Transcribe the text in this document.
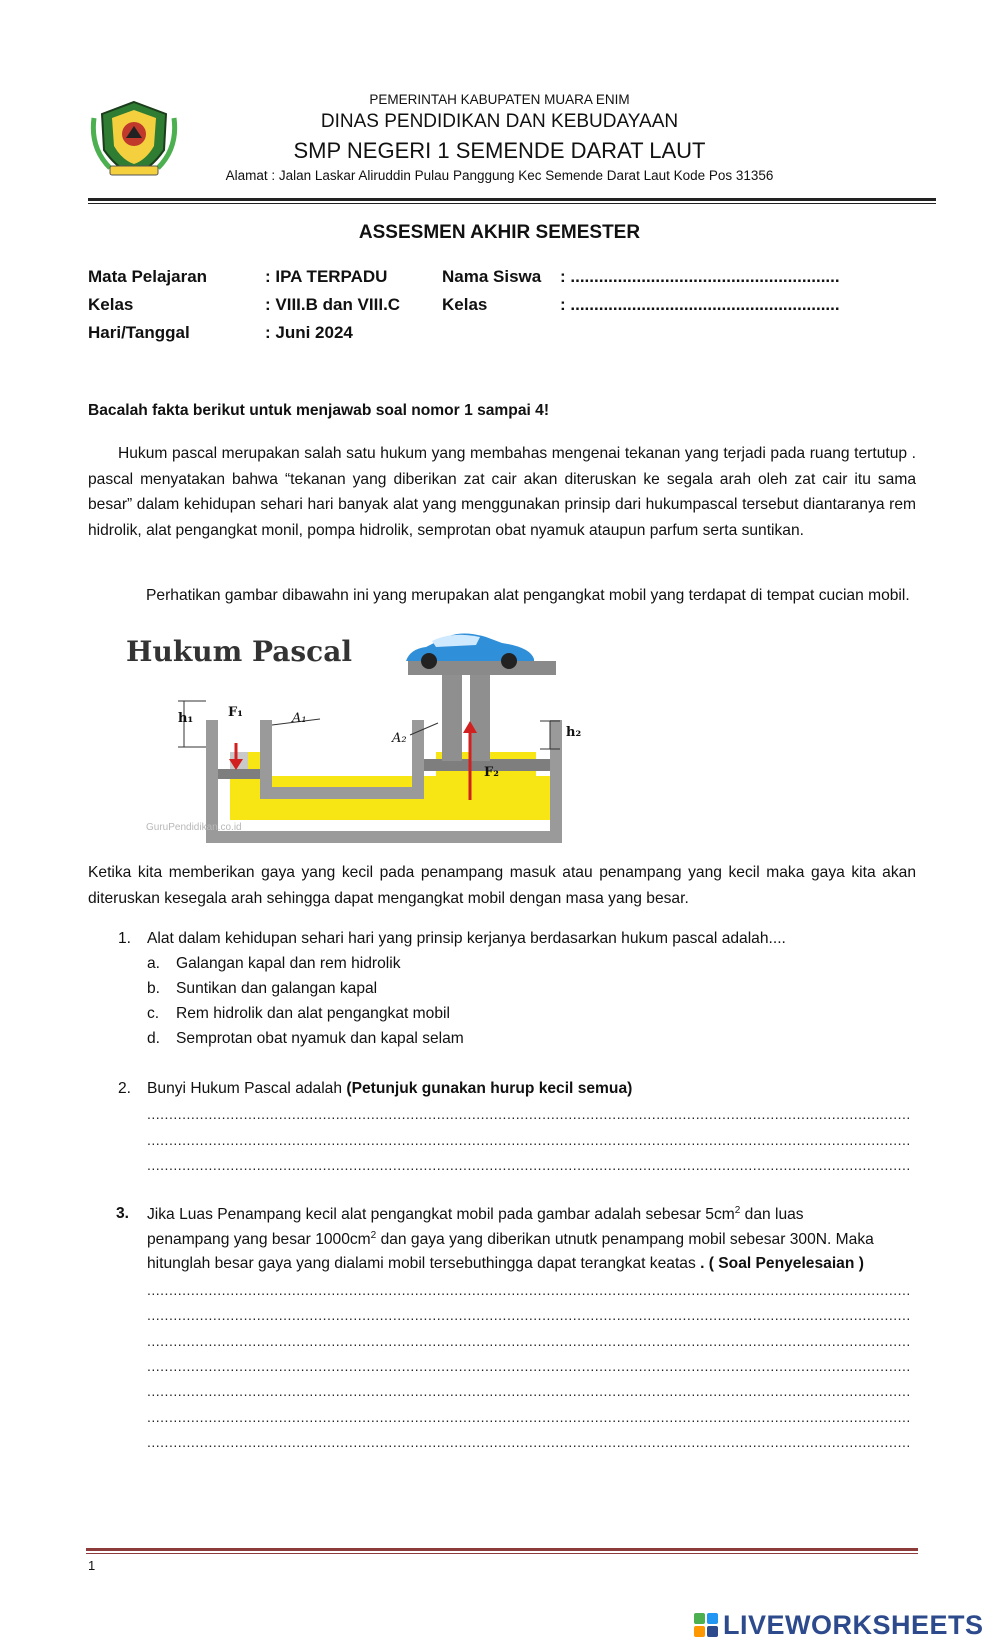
PEMERINTAH KABUPATEN MUARA ENIM
DINAS PENDIDIKAN DAN KEBUDAYAAN
SMP NEGERI 1 SEMENDE DARAT LAUT
Alamat : Jalan Laskar Aliruddin Pulau Panggung Kec Semende Darat Laut Kode Pos 31356
ASSESMEN AKHIR SEMESTER
Mata Pelajaran	: IPA TERPADU
Kelas	: VIII.B dan VIII.C
Hari/Tanggal	: Juni 2024
Nama Siswa : .........................................................
Kelas	: .........................................................
Bacalah fakta berikut untuk menjawab soal nomor 1 sampai 4!
Hukum pascal merupakan salah satu hukum yang membahas mengenai tekanan yang terjadi pada ruang tertutup . pascal menyatakan bahwa “tekanan yang diberikan zat cair akan diteruskan ke segala arah oleh zat cair itu sama besar” dalam kehidupan sehari hari banyak alat yang menggunakan prinsip dari hukumpascal tersebut diantaranya rem hidrolik, alat pengangkat monil, pompa hidrolik, semprotan obat nyamuk ataupun parfum serta suntikan.
Perhatikan gambar dibawahn ini yang merupakan alat pengangkat mobil yang terdapat di tempat cucian mobil.
Hukum Pascal
h₁	F₁	A₁
A₂	h₂
F₂
GuruPendidikan.co.id
Ketika kita memberikan gaya yang kecil pada penampang masuk atau penampang yang kecil maka gaya kita akan diteruskan kesegala arah sehingga dapat mengangkat mobil dengan masa yang besar.
1. Alat dalam kehidupan sehari hari yang prinsip kerjanya berdasarkan hukum pascal adalah....
a. Galangan kapal dan rem hidrolik
b. Suntikan dan galangan kapal
c. Rem hidrolik dan alat pengangkat mobil
d. Semprotan obat nyamuk dan kapal selam
2. Bunyi Hukum Pascal adalah (Petunjuk gunakan hurup kecil semua)
..............................................................................................................................................................................
..............................................................................................................................................................................
..............................................................................................................................................................................
3. Jika Luas Penampang kecil alat pengangkat mobil pada gambar adalah sebesar $5cm^2$ dan luas
penampang yang besar $1000cm^2$ dan gaya yang diberikan utnutk penampang mobil sebesar 300N. Maka
hitunglah besar gaya yang dialami mobil tersebuthingga dapat terangkat keatas . ( Soal Penyelesaian )
..............................................................................................................................................................................
..............................................................................................................................................................................
..............................................................................................................................................................................
..............................................................................................................................................................................
..............................................................................................................................................................................
..............................................................................................................................................................................
..............................................................................................................................................................................
1
LIVEWORKSHEETS
